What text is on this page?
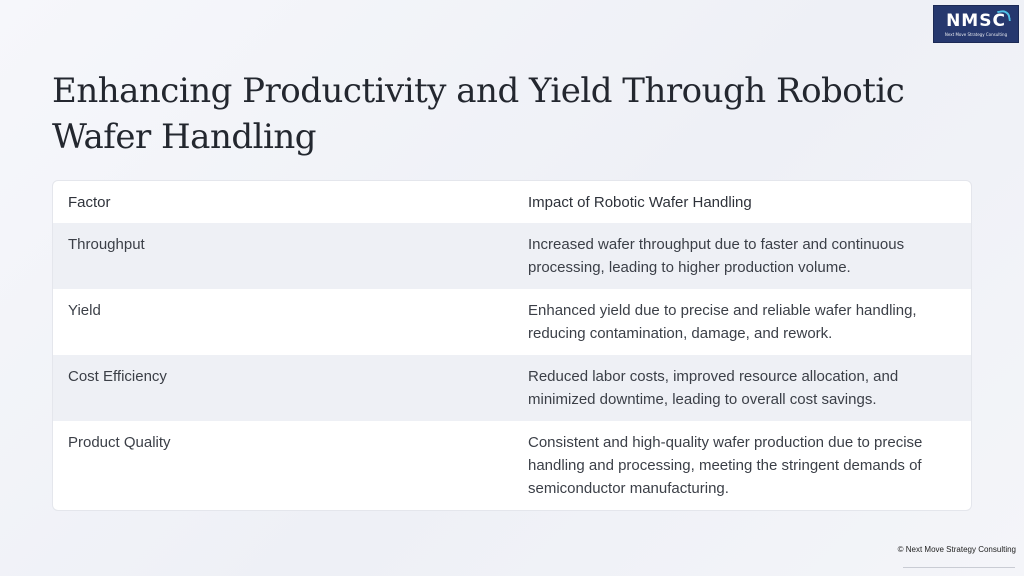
NMSC
Next Move Strategy Consulting
Enhancing Productivity and Yield Through Robotic Wafer Handling
Factor	Impact of Robotic Wafer Handling
Throughput	Increased wafer throughput due to faster and continuous processing, leading to higher production volume.
Yield	Enhanced yield due to precise and reliable wafer handling, reducing contamination, damage, and rework.
Cost Efficiency	Reduced labor costs, improved resource allocation, and minimized downtime, leading to overall cost savings.
Product Quality	Consistent and high-quality wafer production due to precise handling and processing, meeting the stringent demands of semiconductor manufacturing.
© Next Move Strategy Consulting
